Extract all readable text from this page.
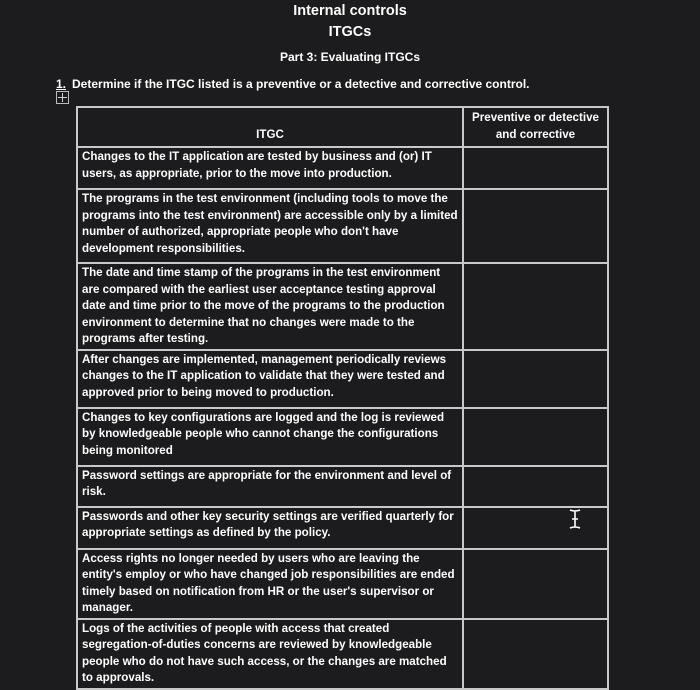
Internal controls
ITGCs
Part 3: Evaluating ITGCs
1. Determine if the ITGC listed is a preventive or a detective and corrective control.
ITGC	Preventive or detective and corrective
Changes to the IT application are tested by business and (or) IT users, as appropriate, prior to the move into production.	
The programs in the test environment (including tools to move the programs into the test environment) are accessible only by a limited number of authorized, appropriate people who don't have development responsibilities.	
The date and time stamp of the programs in the test environment are compared with the earliest user acceptance testing approval date and time prior to the move of the programs to the production environment to determine that no changes were made to the programs after testing.	
After changes are implemented, management periodically reviews changes to the IT application to validate that they were tested and approved prior to being moved to production.	
Changes to key configurations are logged and the log is reviewed by knowledgeable people who cannot change the configurations being monitored	
Password settings are appropriate for the environment and level of risk.	
Passwords and other key security settings are verified quarterly for appropriate settings as defined by the policy.	
Access rights no longer needed by users who are leaving the entity's employ or who have changed job responsibilities are ended timely based on notification from HR or the user's supervisor or manager.	
Logs of the activities of people with access that created segregation-of-duties concerns are reviewed by knowledgeable people who do not have such access, or the changes are matched to approvals.	
